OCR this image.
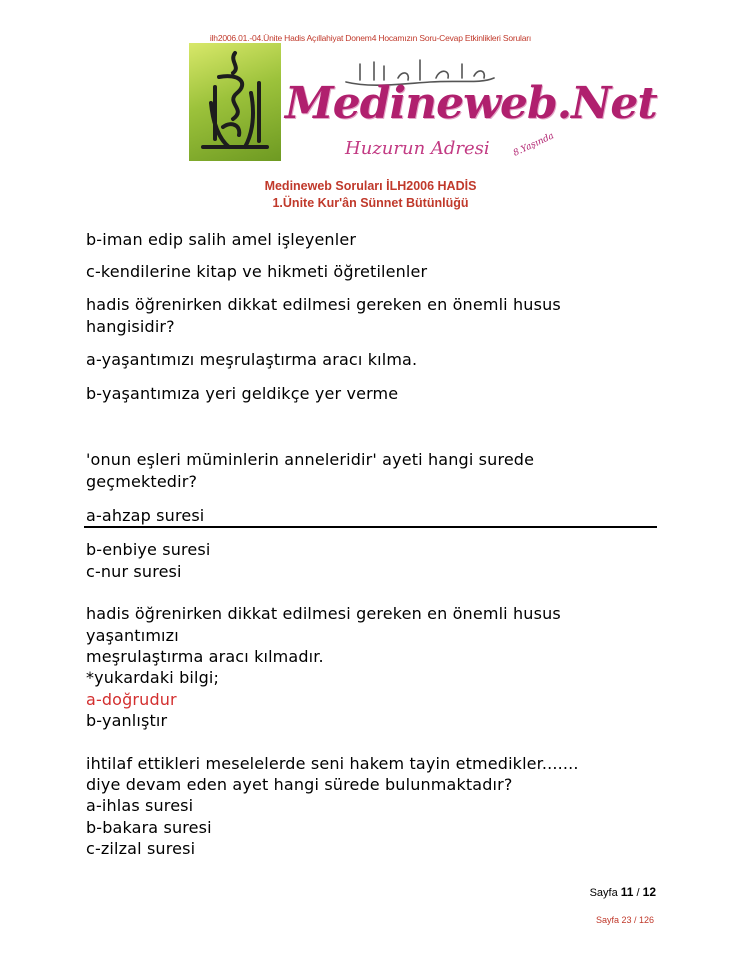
ilh2006.01.-04.Ünite Hadis Açıllahiyat Donem4 Hocamızın Soru-Cevap Etkinlikleri Soruları
Medineweb.Net
Huzurun Adresi 8.Yaşında
Medineweb Soruları İLH2006 HADİS
1.Ünite Kur'ân Sünnet Bütünlüğü
b-iman edip salih amel işleyenler
c-kendilerine kitap ve hikmeti öğretilenler
hadis öğrenirken dikkat edilmesi gereken en önemli husus
hangisidir?
a-yaşantımızı meşrulaştırma aracı kılma.
b-yaşantımıza yeri geldikçe yer verme
'onun eşleri müminlerin anneleridir' ayeti hangi surede
geçmektedir?
a-ahzap suresi
b-enbiye suresi
c-nur suresi
hadis öğrenirken dikkat edilmesi gereken en önemli husus
yaşantımızı
meşrulaştırma aracı kılmadır.
*yukardaki bilgi;
a-doğrudur
b-yanlıştır
ihtilaf ettikleri meselelerde seni hakem tayin etmedikler.......
diye devam eden ayet hangi sürede bulunmaktadır?
a-ihlas suresi
b-bakara suresi
c-zilzal suresi
Sayfa 11 / 12
Sayfa 23 / 126
